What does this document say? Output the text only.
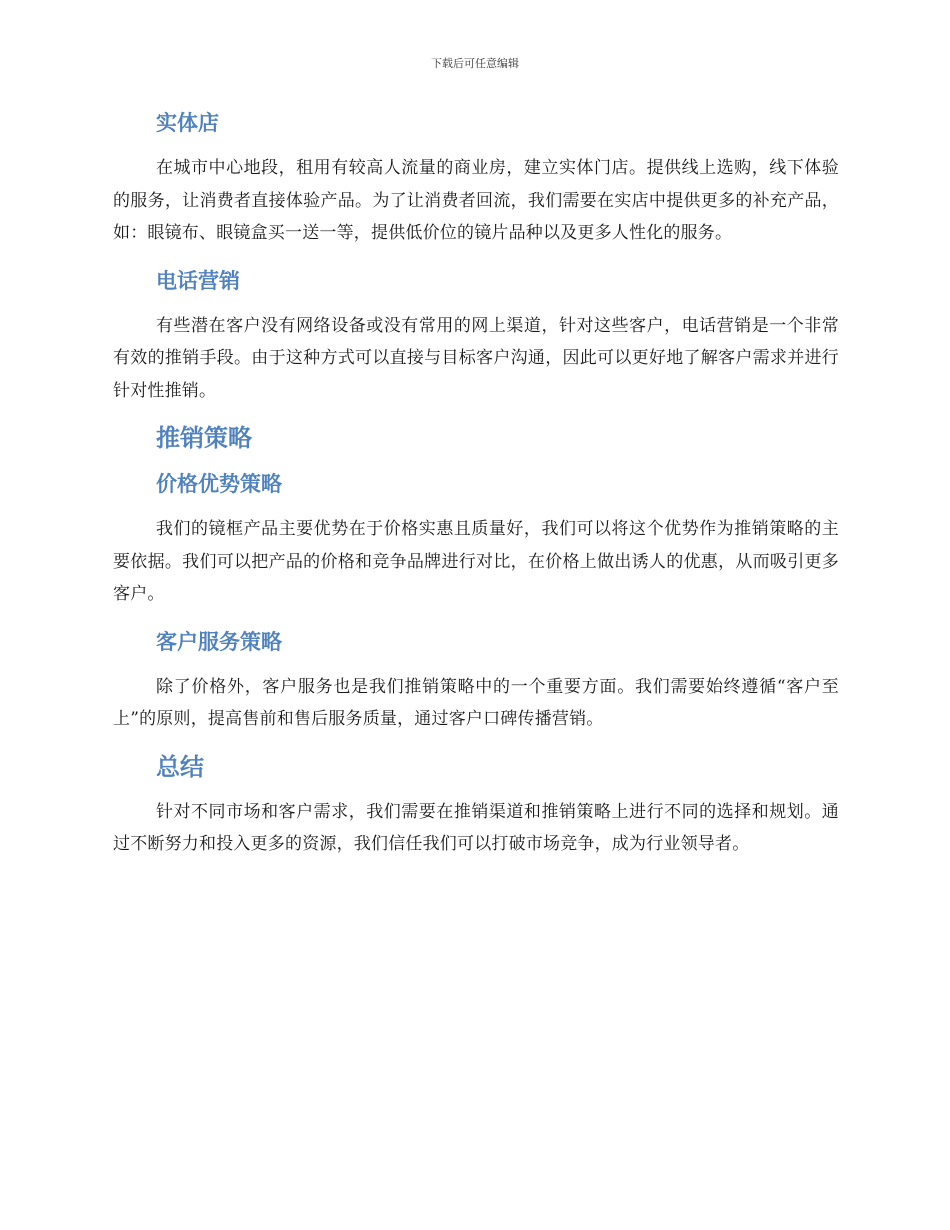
下载后可任意编辑
实体店

在城市中心地段，租用有较高人流量的商业房，建立实体门店。提供线上选购，线下体验的服务，让消费者直接体验产品。为了让消费者回流，我们需要在实店中提供更多的补充产品，如：眼镜布、眼镜盒买一送一等，提供低价位的镜片品种以及更多人性化的服务。

电话营销

有些潜在客户没有网络设备或没有常用的网上渠道，针对这些客户，电话营销是一个非常有效的推销手段。由于这种方式可以直接与目标客户沟通，因此可以更好地了解客户需求并进行针对性推销。

推销策略
价格优势策略

我们的镜框产品主要优势在于价格实惠且质量好，我们可以将这个优势作为推销策略的主要依据。我们可以把产品的价格和竞争品牌进行对比，在价格上做出诱人的优惠，从而吸引更多客户。

客户服务策略

除了价格外，客户服务也是我们推销策略中的一个重要方面。我们需要始终遵循“客户至上”的原则，提高售前和售后服务质量，通过客户口碑传播营销。

总结

针对不同市场和客户需求，我们需要在推销渠道和推销策略上进行不同的选择和规划。通过不断努力和投入更多的资源，我们信任我们可以打破市场竞争，成为行业领导者。
